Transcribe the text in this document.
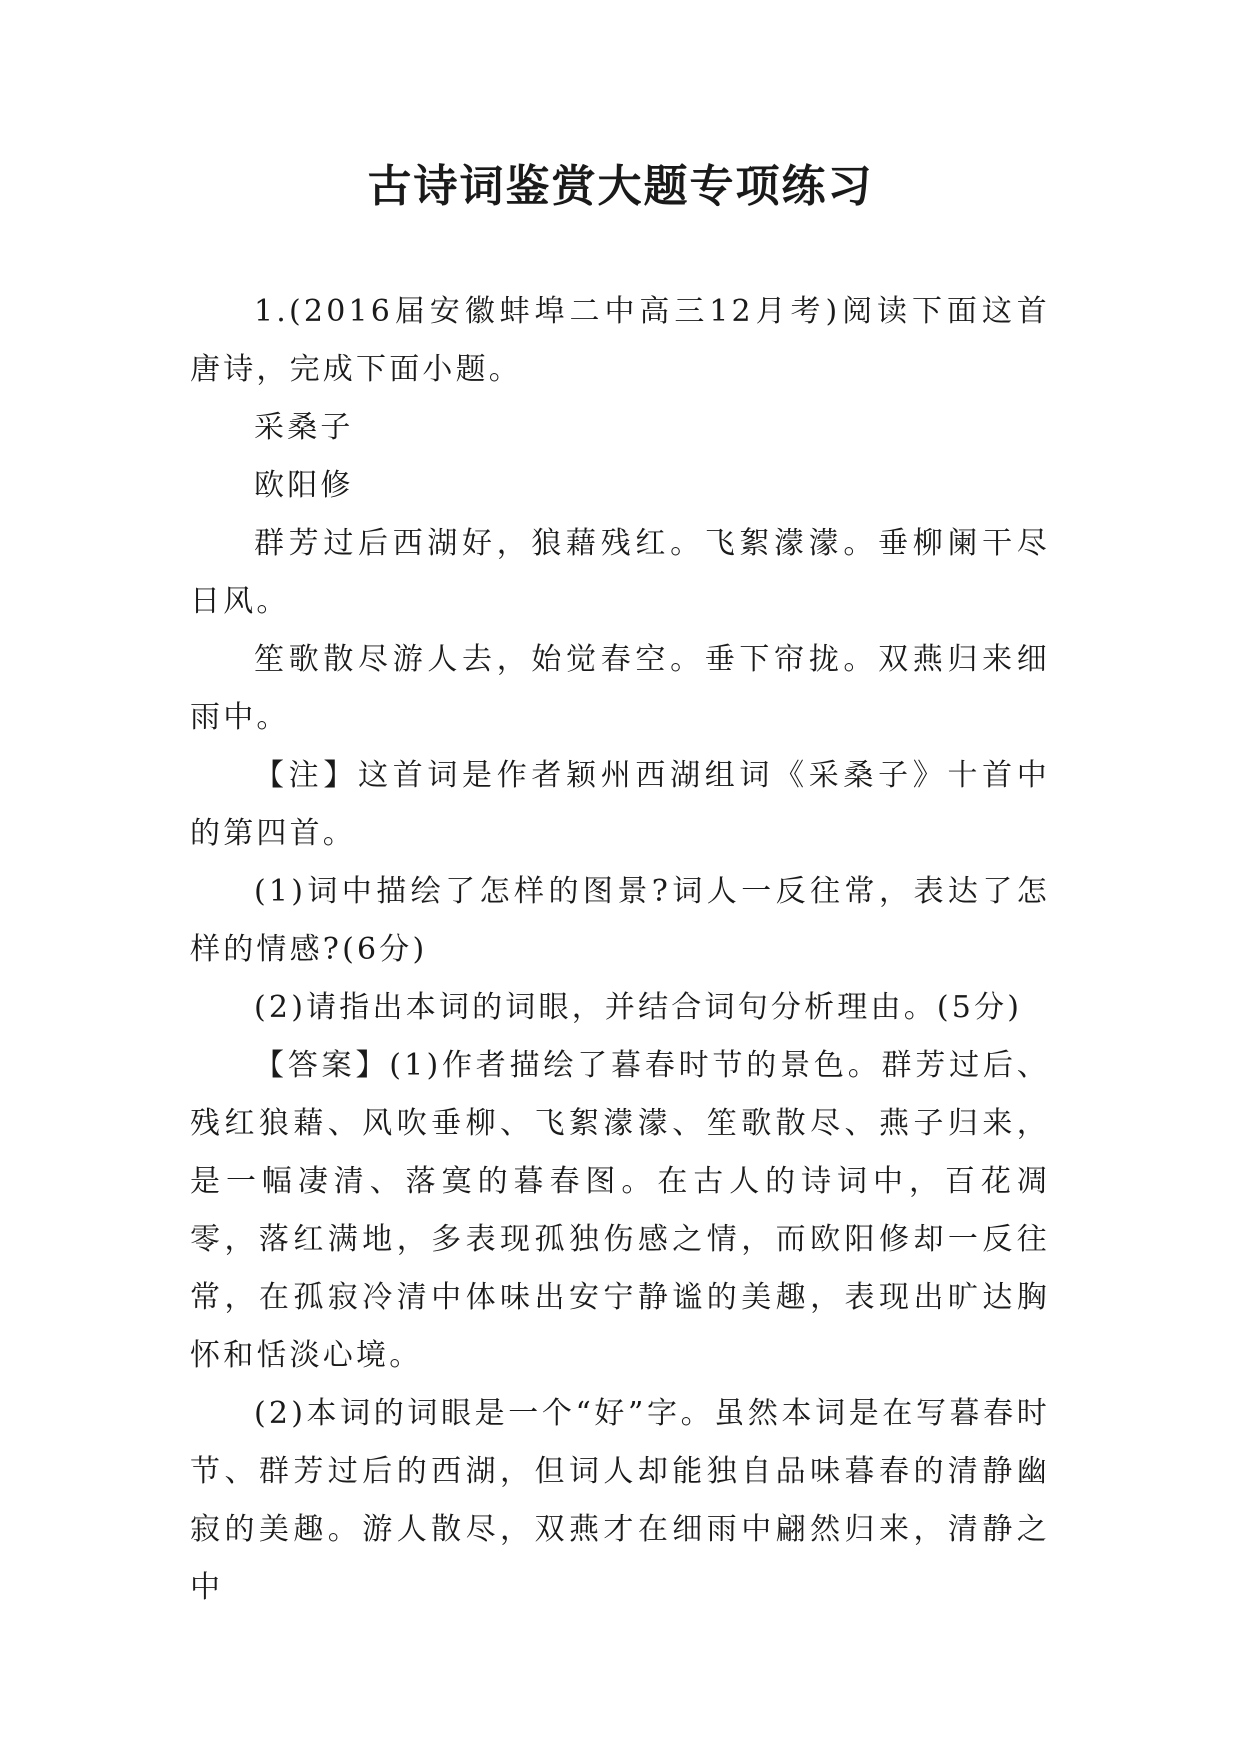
古诗词鉴赏大题专项练习

1.(2016届安徽蚌埠二中高三12月考)阅读下面这首唐诗，完成下面小题。

采桑子

欧阳修

群芳过后西湖好，狼藉残红。飞絮濛濛。垂柳阑干尽日风。

笙歌散尽游人去，始觉春空。垂下帘拢。双燕归来细雨中。

【注】这首词是作者颖州西湖组词《采桑子》十首中的第四首。

(1)词中描绘了怎样的图景?词人一反往常，表达了怎样的情感?(6分)

(2)请指出本词的词眼，并结合词句分析理由。(5分)

【答案】(1)作者描绘了暮春时节的景色。群芳过后、残红狼藉、风吹垂柳、飞絮濛濛、笙歌散尽、燕子归来，是一幅凄清、落寞的暮春图。在古人的诗词中，百花凋零，落红满地，多表现孤独伤感之情，而欧阳修却一反往常，在孤寂冷清中体味出安宁静谧的美趣，表现出旷达胸怀和恬淡心境。

(2)本词的词眼是一个“好”字。虽然本词是在写暮春时节、群芳过后的西湖，但词人却能独自品味暮春的清静幽寂的美趣。游人散尽，双燕才在细雨中翩然归来，清静之中
